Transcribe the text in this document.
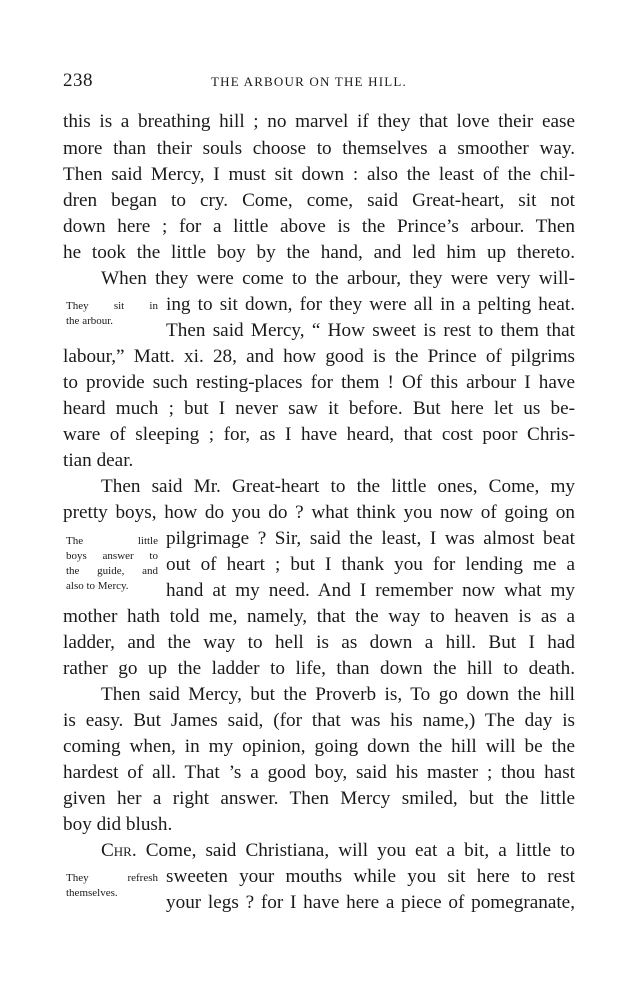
238	THE ARBOUR ON THE HILL.
this is a breathing hill ; no marvel if they that love their ease
more than their souls choose to themselves a smoother way.
Then said Mercy, I must sit down : also the least of the chil-
dren began to cry. Come, come, said Great-heart, sit not
down here ; for a little above is the Prince’s arbour. Then
he took the little boy by the hand, and led him up thereto.
When they were come to the arbour, they were very will-
ing to sit down, for they were all in a pelting heat.
Then said Mercy, “ How sweet is rest to them that
labour,” Matt. xi. 28, and how good is the Prince of pilgrims
to provide such resting-places for them ! Of this arbour I have
heard much ; but I never saw it before. But here let us be-
ware of sleeping ; for, as I have heard, that cost poor Chris-
tian dear.
Then said Mr. Great-heart to the little ones, Come, my
pretty boys, how do you do ? what think you now of going on
pilgrimage ? Sir, said the least, I was almost beat
out of heart ; but I thank you for lending me a
hand at my need. And I remember now what my
mother hath told me, namely, that the way to heaven is as a
ladder, and the way to hell is as down a hill. But I had
rather go up the ladder to life, than down the hill to death.
Then said Mercy, but the Proverb is, To go down the hill
is easy. But James said, (for that was his name,) The day is
coming when, in my opinion, going down the hill will be the
hardest of all. That ’s a good boy, said his master ; thou hast
given her a right answer. Then Mercy smiled, but the little
boy did blush.
Chr. Come, said Christiana, will you eat a bit, a little to
sweeten your mouths while you sit here to rest
your legs ? for I have here a piece of pomegranate,
They sit in
the arbour.
The little
boys answer to
the guide, and
also to Mercy.
They refresh
themselves.
